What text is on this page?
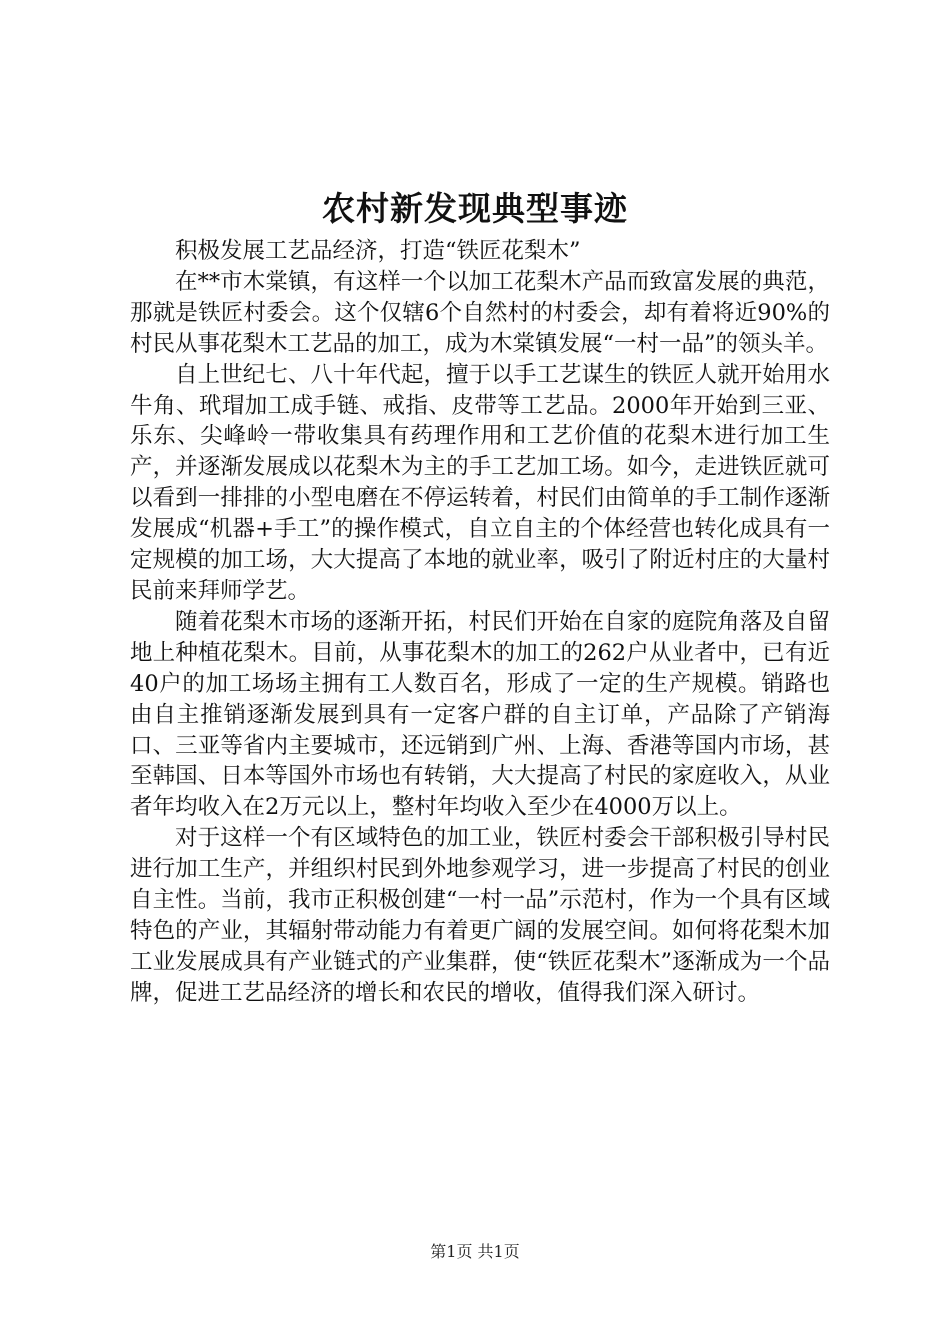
农村新发现典型事迹

积极发展工艺品经济，打造“铁匠花梨木”

在**市木棠镇，有这样一个以加工花梨木产品而致富发展的典范，那就是铁匠村委会。这个仅辖6个自然村的村委会，却有着将近90%的村民从事花梨木工艺品的加工，成为木棠镇发展“一村一品”的领头羊。

自上世纪七、八十年代起，擅于以手工艺谋生的铁匠人就开始用水牛角、玳瑁加工成手链、戒指、皮带等工艺品。2000年开始到三亚、乐东、尖峰岭一带收集具有药理作用和工艺价值的花梨木进行加工生产，并逐渐发展成以花梨木为主的手工艺加工场。如今，走进铁匠就可以看到一排排的小型电磨在不停运转着，村民们由简单的手工制作逐渐发展成“机器+手工”的操作模式，自立自主的个体经营也转化成具有一定规模的加工场，大大提高了本地的就业率，吸引了附近村庄的大量村民前来拜师学艺。

随着花梨木市场的逐渐开拓，村民们开始在自家的庭院角落及自留地上种植花梨木。目前，从事花梨木的加工的262户从业者中，已有近40户的加工场场主拥有工人数百名，形成了一定的生产规模。销路也由自主推销逐渐发展到具有一定客户群的自主订单，产品除了产销海口、三亚等省内主要城市，还远销到广州、上海、香港等国内市场，甚至韩国、日本等国外市场也有转销，大大提高了村民的家庭收入，从业者年均收入在2万元以上，整村年均收入至少在4000万以上。

对于这样一个有区域特色的加工业，铁匠村委会干部积极引导村民进行加工生产，并组织村民到外地参观学习，进一步提高了村民的创业自主性。当前，我市正积极创建“一村一品”示范村，作为一个具有区域特色的产业，其辐射带动能力有着更广阔的发展空间。如何将花梨木加工业发展成具有产业链式的产业集群，使“铁匠花梨木”逐渐成为一个品牌，促进工艺品经济的增长和农民的增收，值得我们深入研讨。

第1页 共1页
